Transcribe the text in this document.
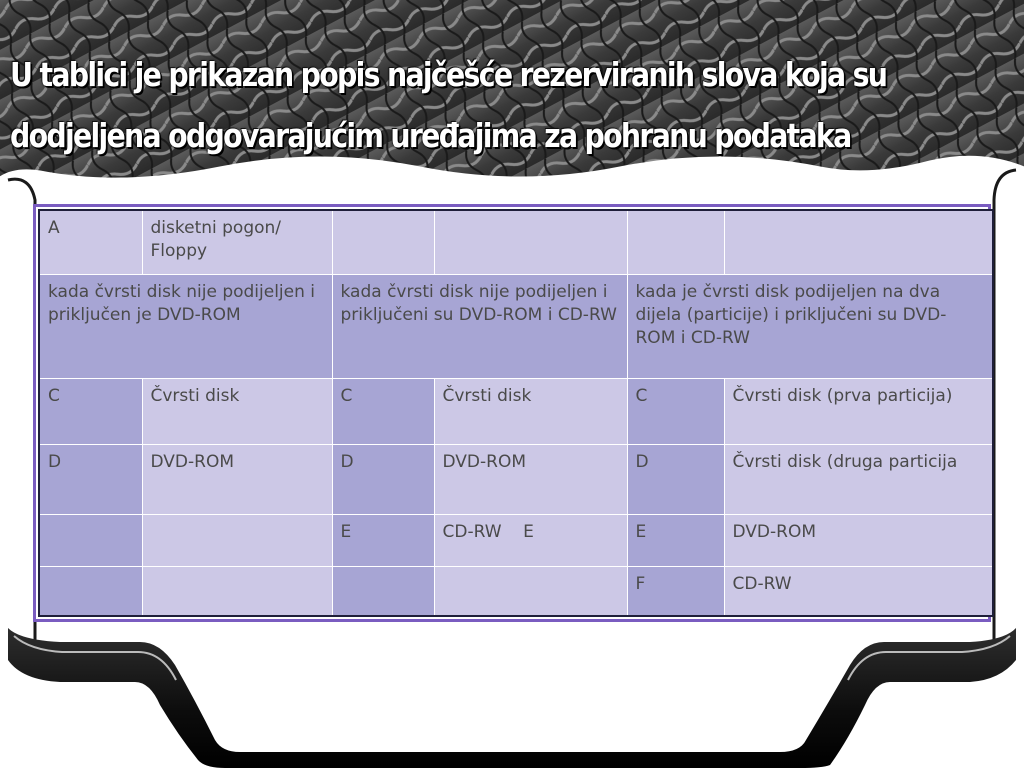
U tablici je prikazan popis najčešće rezerviranih slova koja su
dodjeljena odgovarajućim uređajima za pohranu podataka
A	disketni pogon/ Floppy				
kada čvrsti disk nije podijeljen i priključen je DVD-ROM		kada čvrsti disk nije podijeljen i priključeni su DVD-ROM i CD-RW		kada je čvrsti disk podijeljen na dva dijela (particije) i priključeni su DVD-ROM i CD-RW	
C	Čvrsti disk	C	Čvrsti disk	C	Čvrsti disk (prva particija)
D	DVD-ROM	D	DVD-ROM	D	Čvrsti disk (druga particija
		E	CD-RW    E	E	DVD-ROM
				F	CD-RW
